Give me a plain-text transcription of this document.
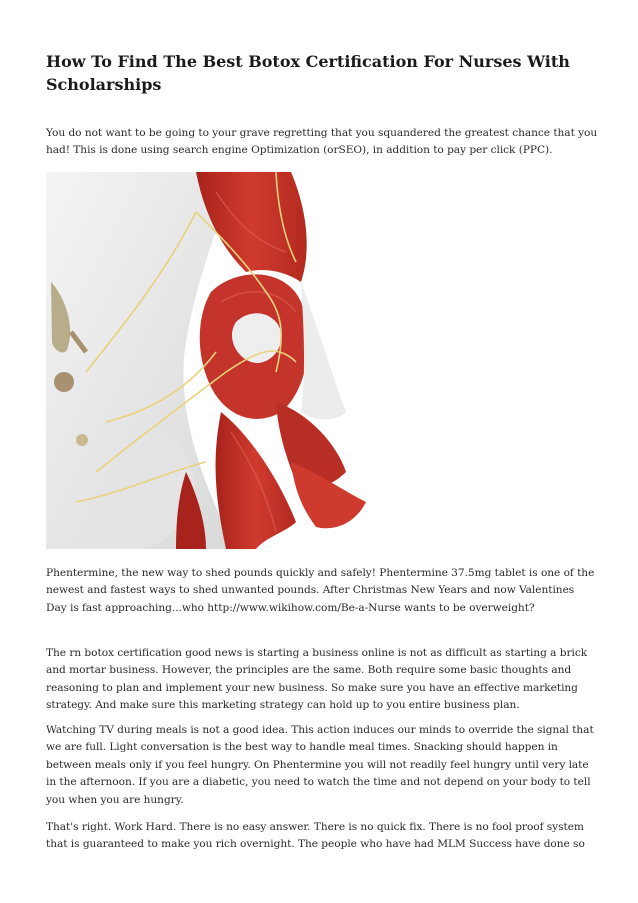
How To Find The Best Botox Certification For Nurses With Scholarships

You do not want to be going to your grave regretting that you squandered the greatest chance that you had! This is done using search engine Optimization (orSEO), in addition to pay per click (PPC).

Phentermine, the new way to shed pounds quickly and safely! Phentermine 37.5mg tablet is one of the newest and fastest ways to shed unwanted pounds. After Christmas New Years and now Valentines Day is fast approaching...who http://www.wikihow.com/Be-a-Nurse wants to be overweight?

The rn botox certification good news is starting a business online is not as difficult as starting a brick and mortar business. However, the principles are the same. Both require some basic thoughts and reasoning to plan and implement your new business. So make sure you have an effective marketing strategy. And make sure this marketing strategy can hold up to you entire business plan.

Watching TV during meals is not a good idea. This action induces our minds to override the signal that we are full. Light conversation is the best way to handle meal times. Snacking should happen in between meals only if you feel hungry. On Phentermine you will not readily feel hungry until very late in the afternoon. If you are a diabetic, you need to watch the time and not depend on your body to tell you when you are hungry.

That's right. Work Hard. There is no easy answer. There is no quick fix. There is no fool proof system that is guaranteed to make you rich overnight. The people who have had MLM Success have done so
